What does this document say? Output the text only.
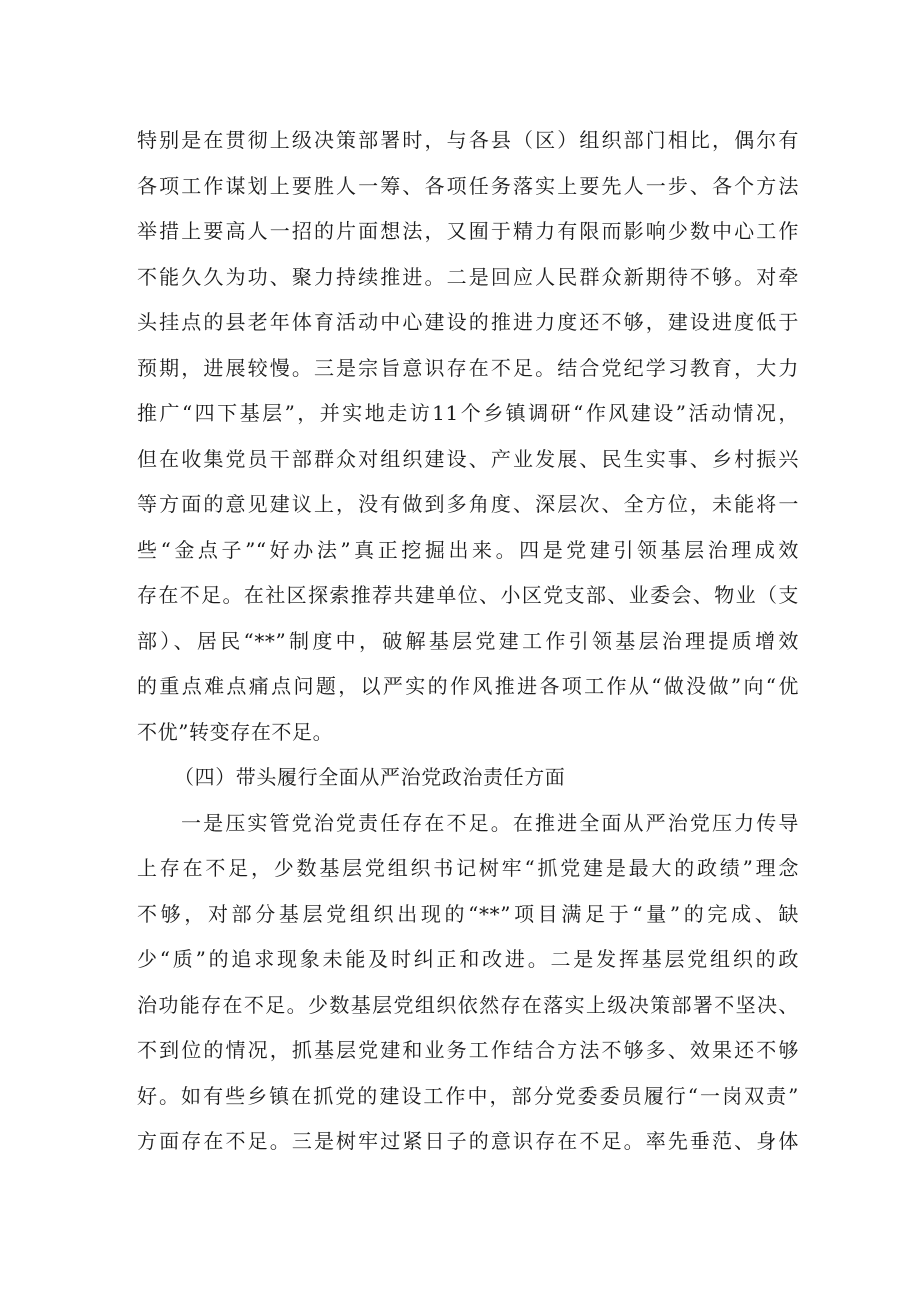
特别是在贯彻上级决策部署时，与各县（区）组织部门相比，偶尔有
各项工作谋划上要胜人一筹、各项任务落实上要先人一步、各个方法
举措上要高人一招的片面想法，又囿于精力有限而影响少数中心工作
不能久久为功、聚力持续推进。二是回应人民群众新期待不够。对牵
头挂点的县老年体育活动中心建设的推进力度还不够，建设进度低于
预期，进展较慢。三是宗旨意识存在不足。结合党纪学习教育，大力
推广“四下基层”，并实地走访11个乡镇调研“作风建设”活动情况，
但在收集党员干部群众对组织建设、产业发展、民生实事、乡村振兴
等方面的意见建议上，没有做到多角度、深层次、全方位，未能将一
些“金点子”“好办法”真正挖掘出来。四是党建引领基层治理成效
存在不足。在社区探索推荐共建单位、小区党支部、业委会、物业（支
部）、居民“**”制度中，破解基层党建工作引领基层治理提质增效
的重点难点痛点问题，以严实的作风推进各项工作从“做没做”向“优
不优”转变存在不足。
（四）带头履行全面从严治党政治责任方面
一是压实管党治党责任存在不足。在推进全面从严治党压力传导
上存在不足，少数基层党组织书记树牢“抓党建是最大的政绩”理念
不够，对部分基层党组织出现的“**”项目满足于“量”的完成、缺
少“质”的追求现象未能及时纠正和改进。二是发挥基层党组织的政
治功能存在不足。少数基层党组织依然存在落实上级决策部署不坚决、
不到位的情况，抓基层党建和业务工作结合方法不够多、效果还不够
好。如有些乡镇在抓党的建设工作中，部分党委委员履行“一岗双责”
方面存在不足。三是树牢过紧日子的意识存在不足。率先垂范、身体
